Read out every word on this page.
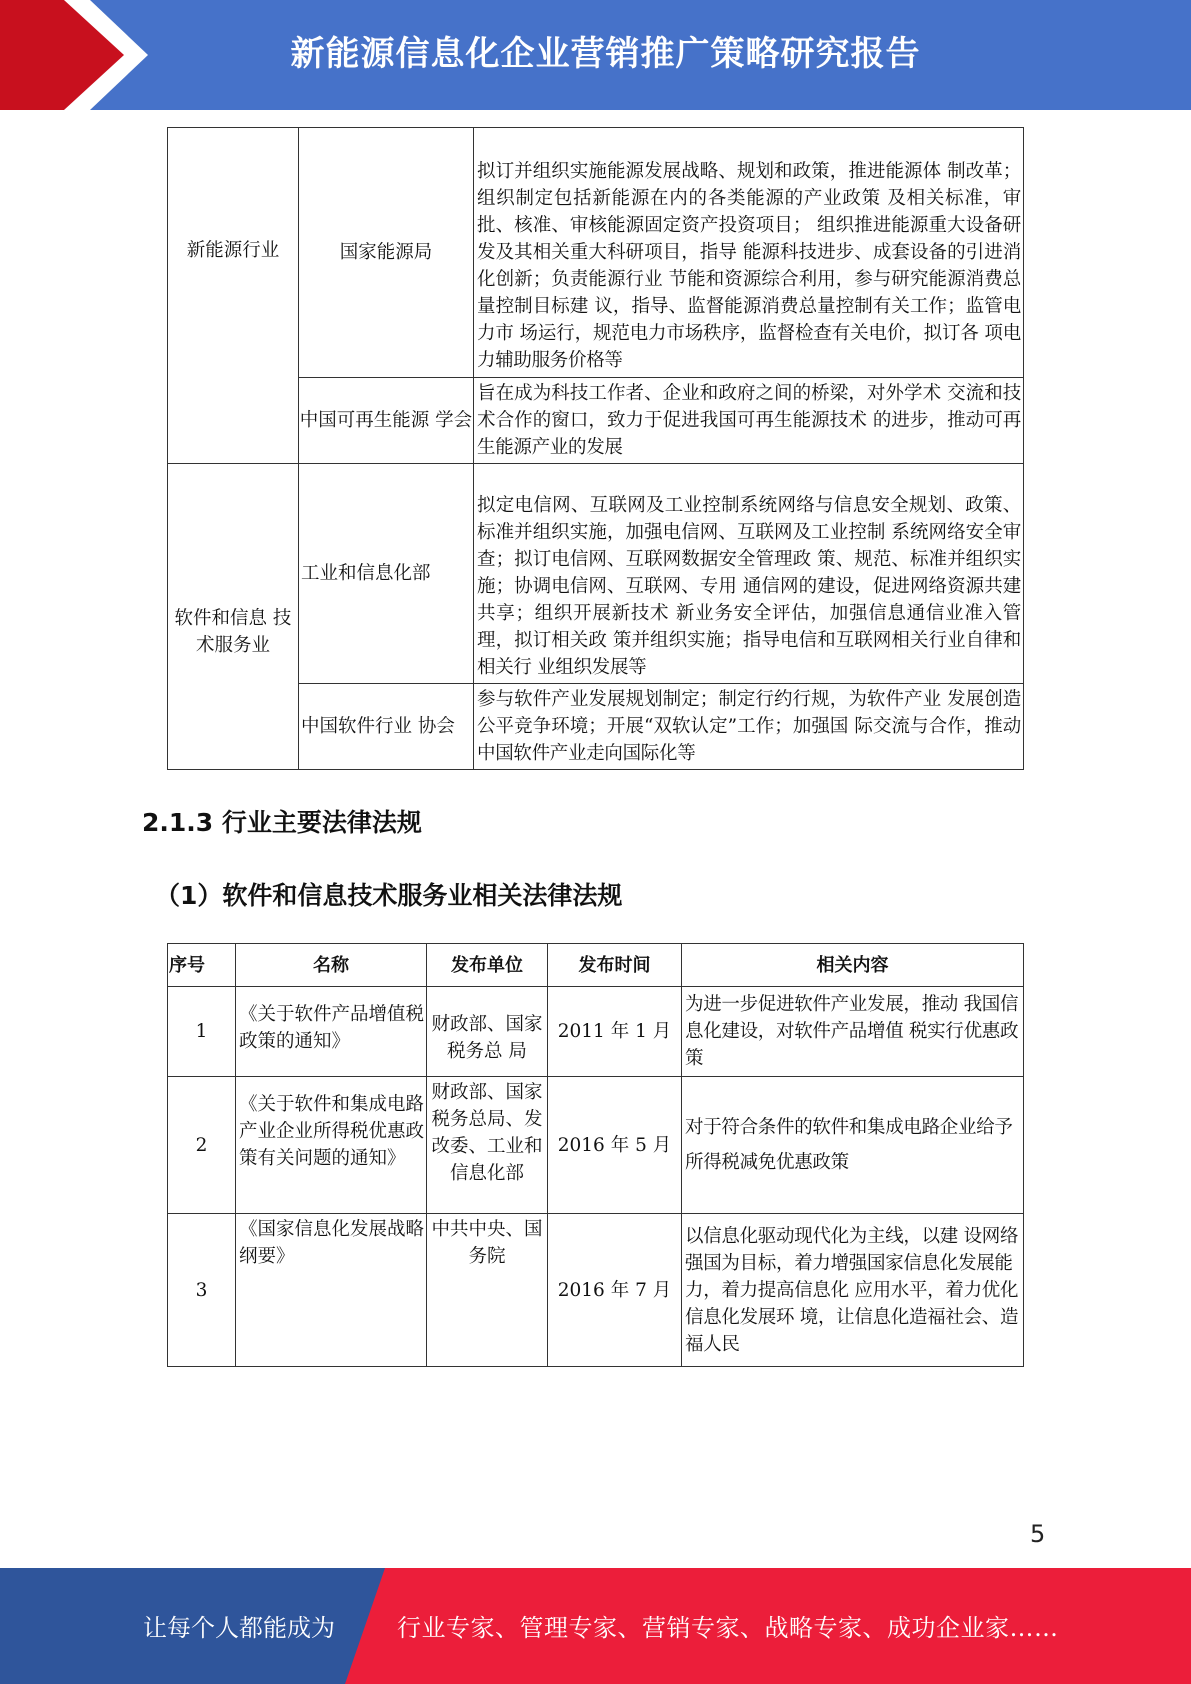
新能源信息化企业营销推广策略研究报告
新能源行业	国家能源局	拟订并组织实施能源发展战略、规划和政策，推进能源体 制改革；组织制定包括新能源在内的各类能源的产业政策 及相关标准，审批、核准、审核能源固定资产投资项目； 组织推进能源重大设备研发及其相关重大科研项目，指导 能源科技进步、成套设备的引进消化创新；负责能源行业 节能和资源综合利用，参与研究能源消费总量控制目标建 议，指导、监督能源消费总量控制有关工作；监管电力市 场运行，规范电力市场秩序，监督检查有关电价，拟订各 项电力辅助服务价格等
	中国可再生能源 学会	旨在成为科技工作者、企业和政府之间的桥梁，对外学术 交流和技术合作的窗口，致力于促进我国可再生能源技术 的进步，推动可再生能源产业的发展
软件和信息 技术服务业	工业和信息化部	拟定电信网、互联网及工业控制系统网络与信息安全规划、政策、标准并组织实施，加强电信网、互联网及工业控制 系统网络安全审查；拟订电信网、互联网数据安全管理政 策、规范、标准并组织实施；协调电信网、互联网、专用 通信网的建设，促进网络资源共建共享；组织开展新技术 新业务安全评估，加强信息通信业准入管理，拟订相关政 策并组织实施；指导电信和互联网相关行业自律和相关行 业组织发展等
	中国软件行业 协会	参与软件产业发展规划制定；制定行约行规，为软件产业 发展创造公平竞争环境；开展“双软认定”工作；加强国 际交流与合作，推动中国软件产业走向国际化等
2.1.3 行业主要法律法规
（1）软件和信息技术服务业相关法律法规
序号	名称	发布单位	发布时间	相关内容
1	《关于软件产品增值税政策的通知》	财政部、国家税务总 局	2011 年 1 月	为进一步促进软件产业发展，推动 我国信息化建设，对软件产品增值 税实行优惠政策
2	《关于软件和集成电路产业企业所得税优惠政策有关问题的通知》	财政部、国家税务总局、发改委、工业和信息化部	2016 年 5 月	对于符合条件的软件和集成电路企业给予所得税减免优惠政策
3	《国家信息化发展战略纲要》	中共中央、国务院	2016 年 7 月	以信息化驱动现代化为主线，以建 设网络强国为目标，着力增强国家信息化发展能力，着力提高信息化 应用水平，着力优化信息化发展环 境，让信息化造福社会、造福人民
5
让每个人都能成为	行业专家、管理专家、营销专家、战略专家、成功企业家……
